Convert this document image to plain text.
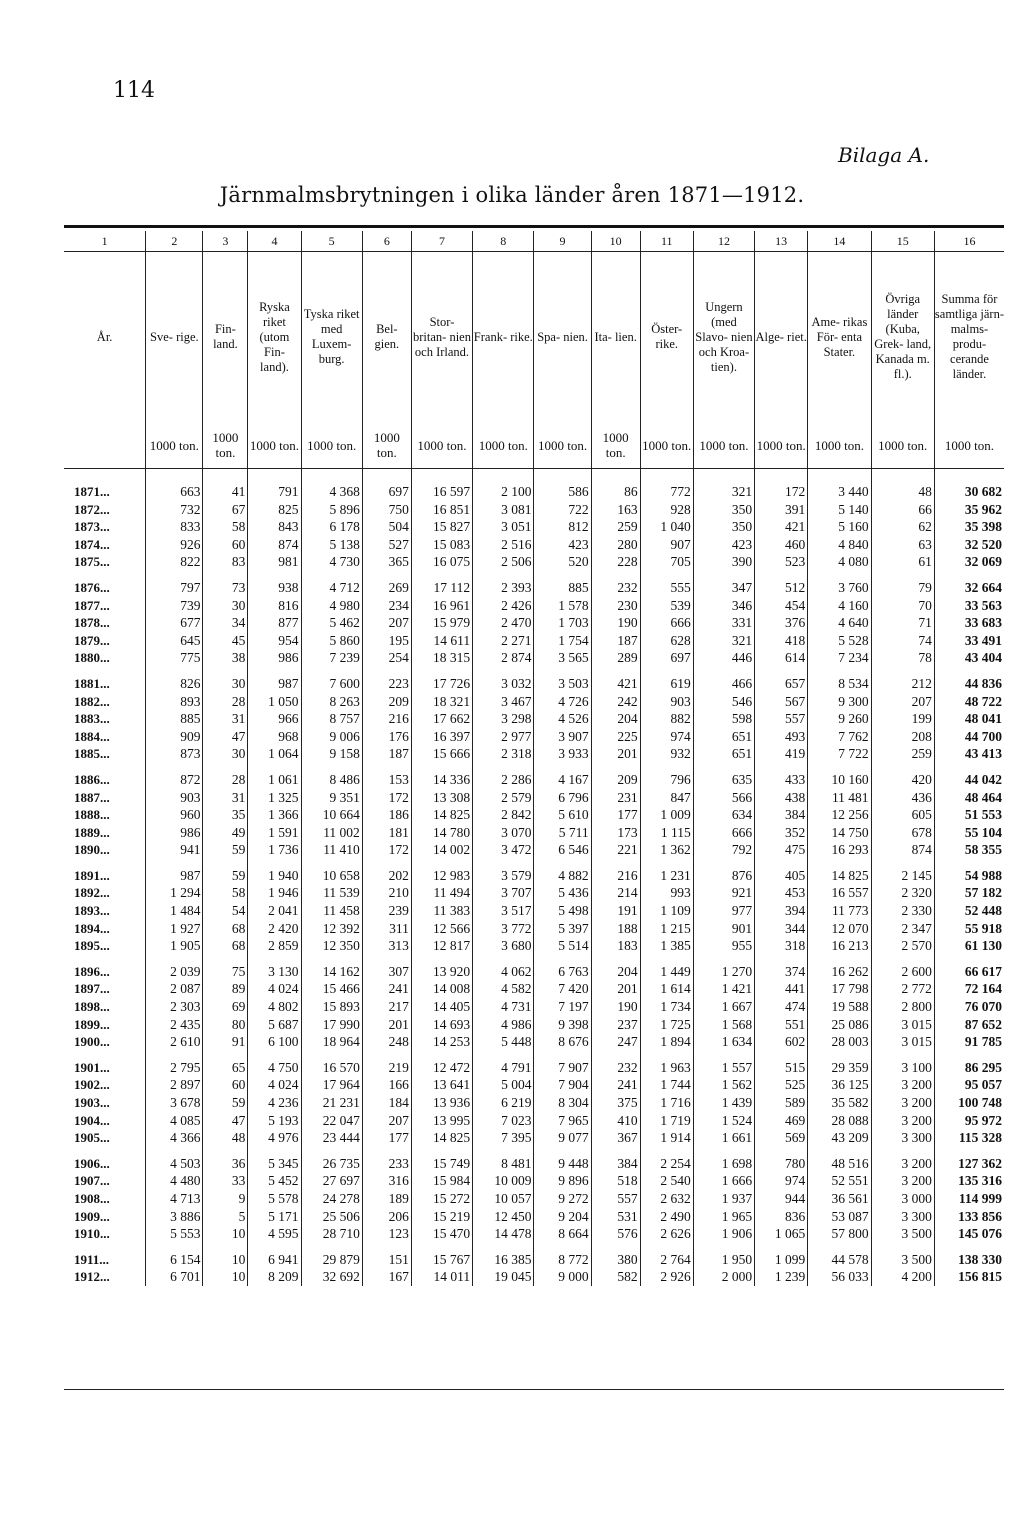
114
Bilaga A.
Järnmalmsbrytningen i olika länder åren 1871—1912.
1	2	3	4	5	6	7	8	9	10	11	12	13	14	15	16
År.	Sve- rige.	Fin- land.	Ryska riket (utom Fin- land).	Tyska riket med Luxem- burg.	Bel- gien.	Stor- britan- nien och Irland.	Frank- rike.	Spa- nien.	Ita- lien.	Öster- rike.	Ungern (med Slavo- nien och Kroa- tien).	Alge- riet.	Ame- rikas För- enta Stater.	Övriga länder (Kuba, Grek- land, Kanada m. fl.).	Summa för samtliga järn- malms- produ- cerande länder.
	1000 ton.	1000 ton.	1000 ton.	1000 ton.	1000 ton.	1000 ton.	1000 ton.	1000 ton.	1000 ton.	1000 ton.	1000 ton.	1000 ton.	1000 ton.	1000 ton.	1000 ton.

1871...	663	41	791	4 368	697	16 597	2 100	586	86	772	321	172	3 440	48	30 682
1872...	732	67	825	5 896	750	16 851	3 081	722	163	928	350	391	5 140	66	35 962
1873...	833	58	843	6 178	504	15 827	3 051	812	259	1 040	350	421	5 160	62	35 398
1874...	926	60	874	5 138	527	15 083	2 516	423	280	907	423	460	4 840	63	32 520
1875...	822	83	981	4 730	365	16 075	2 506	520	228	705	390	523	4 080	61	32 069

1876...	797	73	938	4 712	269	17 112	2 393	885	232	555	347	512	3 760	79	32 664
1877...	739	30	816	4 980	234	16 961	2 426	1 578	230	539	346	454	4 160	70	33 563
1878...	677	34	877	5 462	207	15 979	2 470	1 703	190	666	331	376	4 640	71	33 683
1879...	645	45	954	5 860	195	14 611	2 271	1 754	187	628	321	418	5 528	74	33 491
1880...	775	38	986	7 239	254	18 315	2 874	3 565	289	697	446	614	7 234	78	43 404

1881...	826	30	987	7 600	223	17 726	3 032	3 503	421	619	466	657	8 534	212	44 836
1882...	893	28	1 050	8 263	209	18 321	3 467	4 726	242	903	546	567	9 300	207	48 722
1883...	885	31	966	8 757	216	17 662	3 298	4 526	204	882	598	557	9 260	199	48 041
1884...	909	47	968	9 006	176	16 397	2 977	3 907	225	974	651	493	7 762	208	44 700
1885...	873	30	1 064	9 158	187	15 666	2 318	3 933	201	932	651	419	7 722	259	43 413

1886...	872	28	1 061	8 486	153	14 336	2 286	4 167	209	796	635	433	10 160	420	44 042
1887...	903	31	1 325	9 351	172	13 308	2 579	6 796	231	847	566	438	11 481	436	48 464
1888...	960	35	1 366	10 664	186	14 825	2 842	5 610	177	1 009	634	384	12 256	605	51 553
1889...	986	49	1 591	11 002	181	14 780	3 070	5 711	173	1 115	666	352	14 750	678	55 104
1890...	941	59	1 736	11 410	172	14 002	3 472	6 546	221	1 362	792	475	16 293	874	58 355

1891...	987	59	1 940	10 658	202	12 983	3 579	4 882	216	1 231	876	405	14 825	2 145	54 988
1892...	1 294	58	1 946	11 539	210	11 494	3 707	5 436	214	993	921	453	16 557	2 320	57 182
1893...	1 484	54	2 041	11 458	239	11 383	3 517	5 498	191	1 109	977	394	11 773	2 330	52 448
1894...	1 927	68	2 420	12 392	311	12 566	3 772	5 397	188	1 215	901	344	12 070	2 347	55 918
1895...	1 905	68	2 859	12 350	313	12 817	3 680	5 514	183	1 385	955	318	16 213	2 570	61 130

1896...	2 039	75	3 130	14 162	307	13 920	4 062	6 763	204	1 449	1 270	374	16 262	2 600	66 617
1897...	2 087	89	4 024	15 466	241	14 008	4 582	7 420	201	1 614	1 421	441	17 798	2 772	72 164
1898...	2 303	69	4 802	15 893	217	14 405	4 731	7 197	190	1 734	1 667	474	19 588	2 800	76 070
1899...	2 435	80	5 687	17 990	201	14 693	4 986	9 398	237	1 725	1 568	551	25 086	3 015	87 652
1900...	2 610	91	6 100	18 964	248	14 253	5 448	8 676	247	1 894	1 634	602	28 003	3 015	91 785

1901...	2 795	65	4 750	16 570	219	12 472	4 791	7 907	232	1 963	1 557	515	29 359	3 100	86 295
1902...	2 897	60	4 024	17 964	166	13 641	5 004	7 904	241	1 744	1 562	525	36 125	3 200	95 057
1903...	3 678	59	4 236	21 231	184	13 936	6 219	8 304	375	1 716	1 439	589	35 582	3 200	100 748
1904...	4 085	47	5 193	22 047	207	13 995	7 023	7 965	410	1 719	1 524	469	28 088	3 200	95 972
1905...	4 366	48	4 976	23 444	177	14 825	7 395	9 077	367	1 914	1 661	569	43 209	3 300	115 328

1906...	4 503	36	5 345	26 735	233	15 749	8 481	9 448	384	2 254	1 698	780	48 516	3 200	127 362
1907...	4 480	33	5 452	27 697	316	15 984	10 009	9 896	518	2 540	1 666	974	52 551	3 200	135 316
1908...	4 713	9	5 578	24 278	189	15 272	10 057	9 272	557	2 632	1 937	944	36 561	3 000	114 999
1909...	3 886	5	5 171	25 506	206	15 219	12 450	9 204	531	2 490	1 965	836	53 087	3 300	133 856
1910...	5 553	10	4 595	28 710	123	15 470	14 478	8 664	576	2 626	1 906	1 065	57 800	3 500	145 076

1911...	6 154	10	6 941	29 879	151	15 767	16 385	8 772	380	2 764	1 950	1 099	44 578	3 500	138 330
1912...	6 701	10	8 209	32 692	167	14 011	19 045	9 000	582	2 926	2 000	1 239	56 033	4 200	156 815
